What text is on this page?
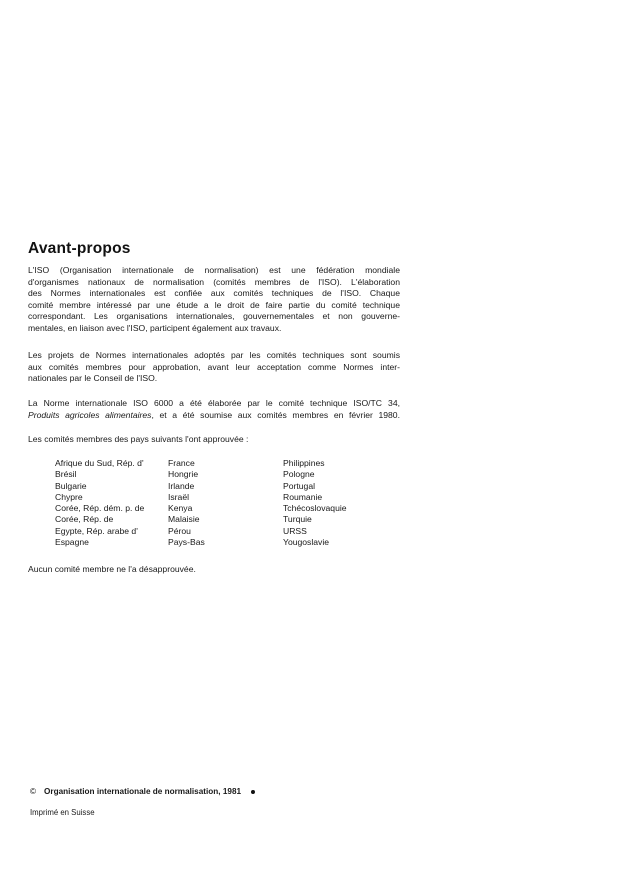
Avant-propos
L'ISO (Organisation internationale de normalisation) est une fédération mondiale
d'organismes nationaux de normalisation (comités membres de l'ISO). L'élaboration
des Normes internationales est confiée aux comités techniques de l'ISO. Chaque
comité membre intéressé par une étude a le droit de faire partie du comité technique
correspondant. Les organisations internationales, gouvernementales et non gouverne-
mentales, en liaison avec l'ISO, participent également aux travaux.
Les projets de Normes internationales adoptés par les comités techniques sont soumis
aux comités membres pour approbation, avant leur acceptation comme Normes inter-
nationales par le Conseil de l'ISO.
La Norme internationale ISO 6000 a été élaborée par le comité technique ISO/TC 34,
Produits agricoles alimentaires, et a été soumise aux comités membres en février 1980.
Les comités membres des pays suivants l'ont approuvée :
Afrique du Sud, Rép. d'
Brésil
Bulgarie
Chypre
Corée, Rép. dém. p. de
Corée, Rép. de
Egypte, Rép. arabe d'
Espagne
France
Hongrie
Irlande
Israël
Kenya
Malaisie
Pérou
Pays-Bas
Philippines
Pologne
Portugal
Roumanie
Tchécoslovaquie
Turquie
URSS
Yougoslavie
Aucun comité membre ne l'a désapprouvée.
© Organisation internationale de normalisation, 1981
Imprimé en Suisse
